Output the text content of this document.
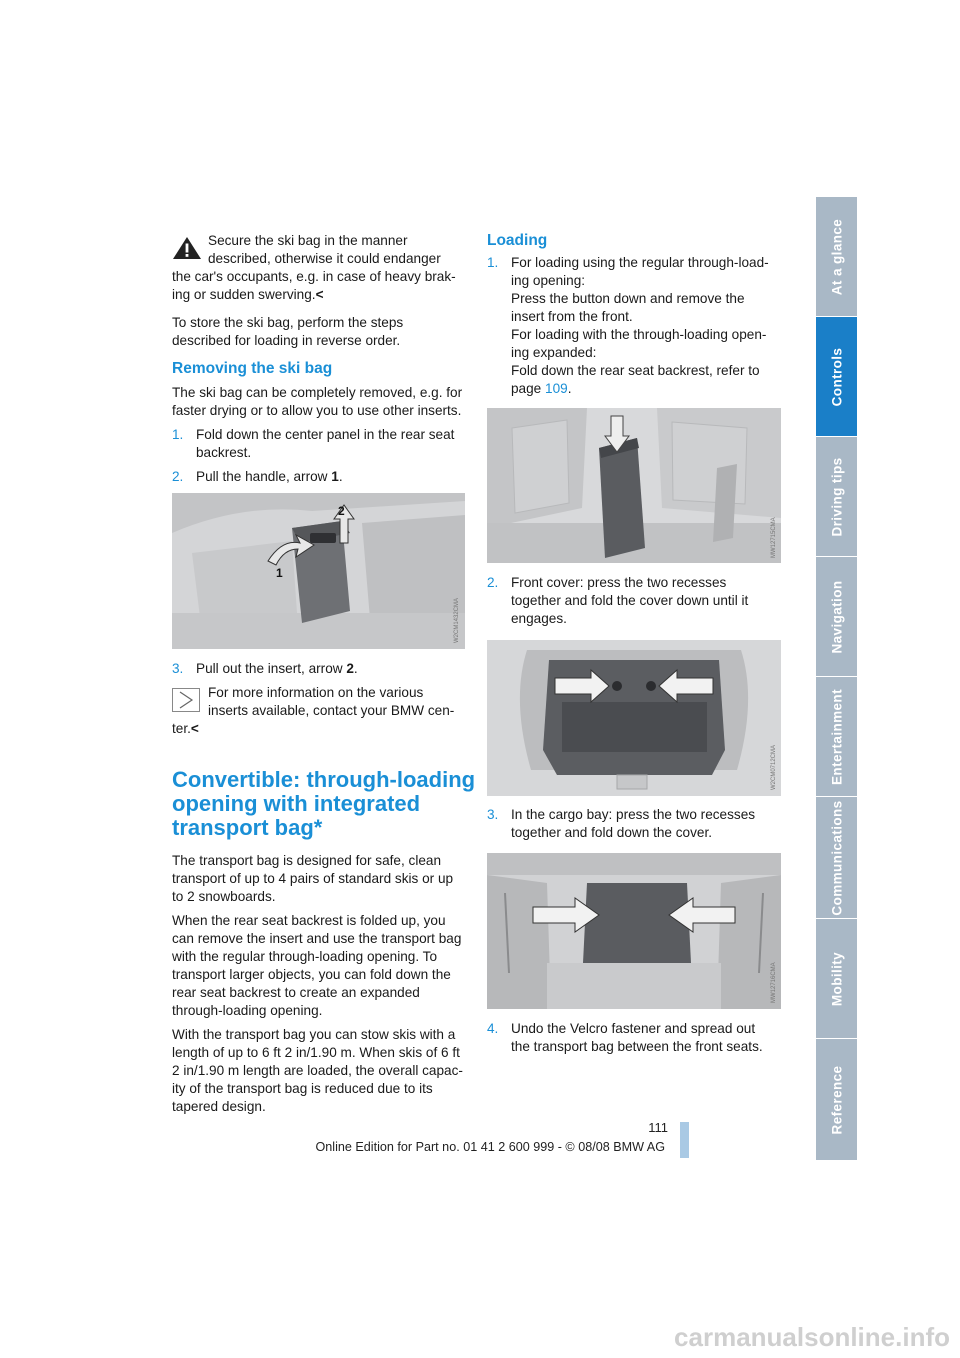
Secure the ski bag in the manner
described, otherwise it could endanger
the car's occupants, e.g. in case of heavy brak-
ing or sudden swerving.<
To store the ski bag, perform the steps
described for loading in reverse order.
Removing the ski bag
The ski bag can be completely removed, e.g. for
faster drying or to allow you to use other inserts.
1. Fold down the center panel in the rear seat
backrest.
2. Pull the handle, arrow 1.
1
2
W2CM1432CMA
3. Pull out the insert, arrow 2.
For more information on the various
inserts available, contact your BMW cen-
ter.<
Convertible: through-loading
opening with integrated
transport bag*
The transport bag is designed for safe, clean
transport of up to 4 pairs of standard skis or up
to 2 snowboards.
When the rear seat backrest is folded up, you
can remove the insert and use the transport bag
with the regular through-loading opening. To
transport larger objects, you can fold down the
rear seat backrest to create an expanded
through-loading opening.
With the transport bag you can stow skis with a
length of up to 6 ft 2 in/1.90 m. When skis of 6 ft
2 in/1.90 m length are loaded, the overall capac-
ity of the transport bag is reduced due to its
tapered design.
Loading
1. For loading using the regular through-load-
ing opening:
Press the button down and remove the
insert from the front.
For loading with the through-loading open-
ing expanded:
Fold down the rear seat backrest, refer to
page 109.
MW12715CMA
2. Front cover: press the two recesses
together and fold the cover down until it
engages.
W2CM0712CMA
3. In the cargo bay: press the two recesses
together and fold down the cover.
MW12716CMA
4. Undo the Velcro fastener and spread out
the transport bag between the front seats.
At a glance
Controls
Driving tips
Navigation
Entertainment
Communications
Mobility
Reference
111
Online Edition for Part no. 01 41 2 600 999 - © 08/08 BMW AG
carmanualsonline.info
